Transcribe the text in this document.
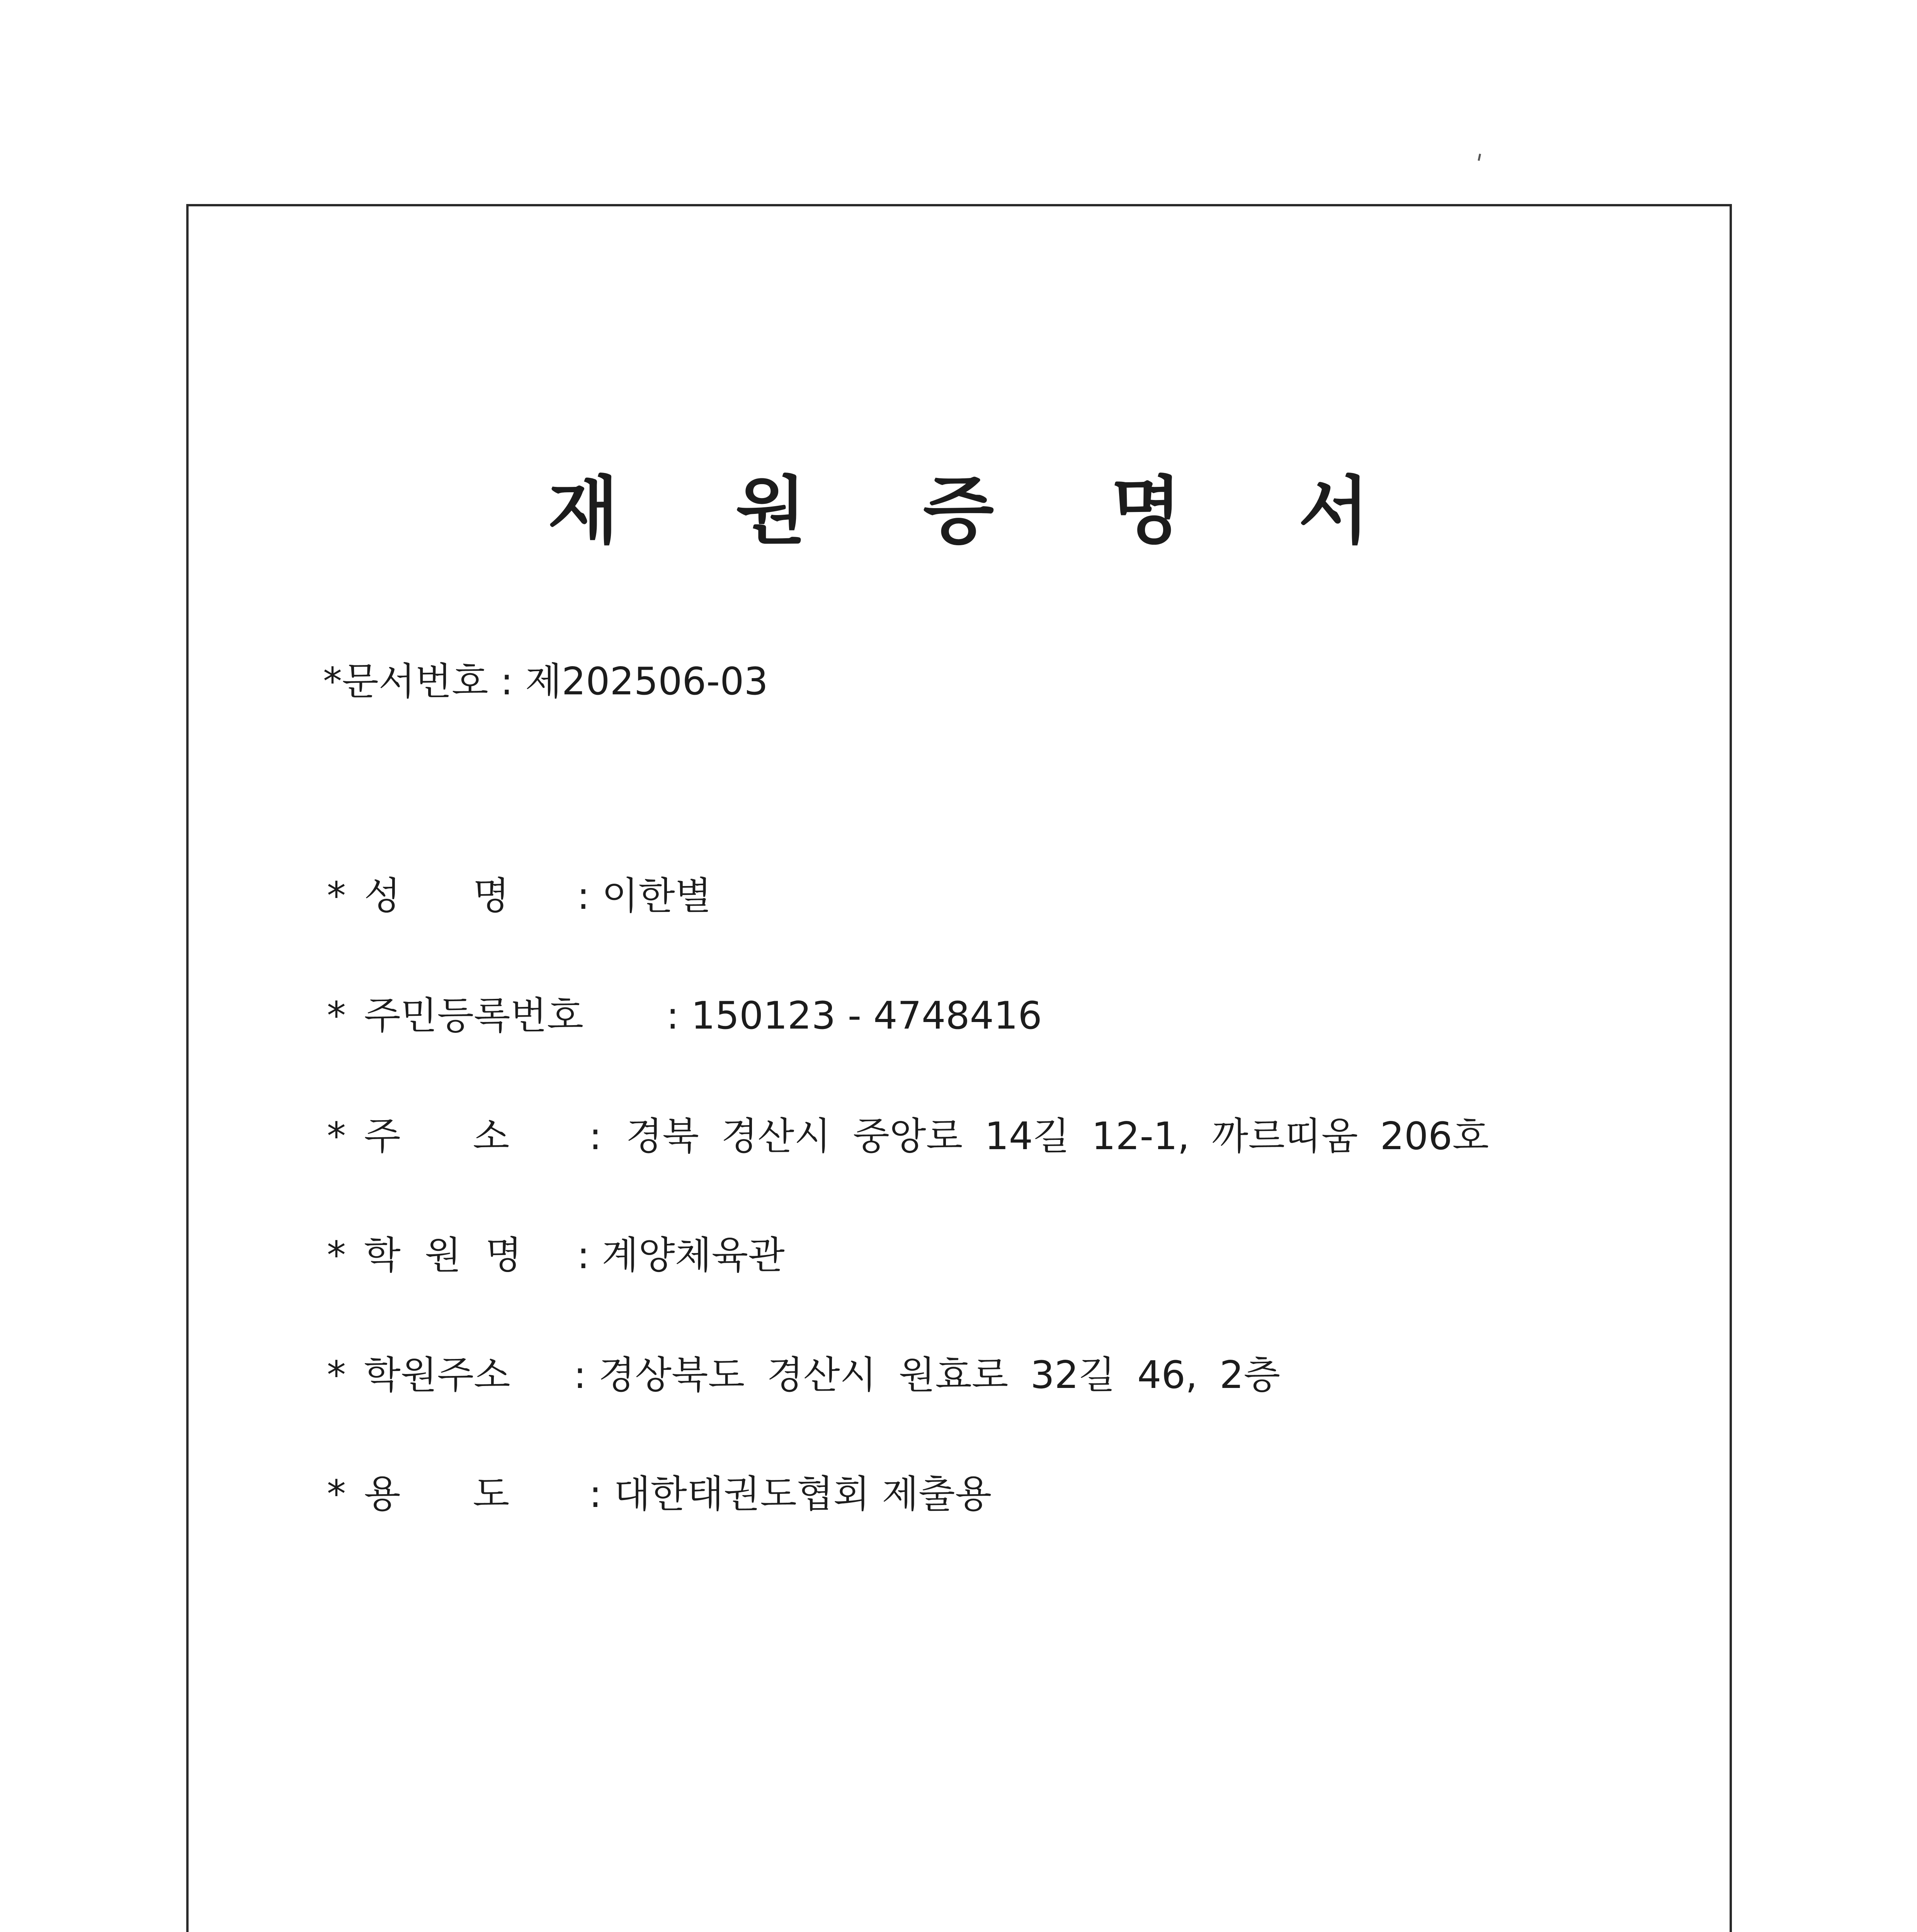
재 원 증 명 서
*문서번호 : 제202506-03
* 성      명 : 이한별
* 주민등록번호  : 150123 - 4748416
* 주      소  :  경북 경산시 중앙로 14길 12-1, 까르띠움 206호
* 학  원  명 : 계양체육관
* 학원주소  : 경상북도 경산시 원효로 32길 46, 2층
* 용      도  : 대한태권도협회 제출용
